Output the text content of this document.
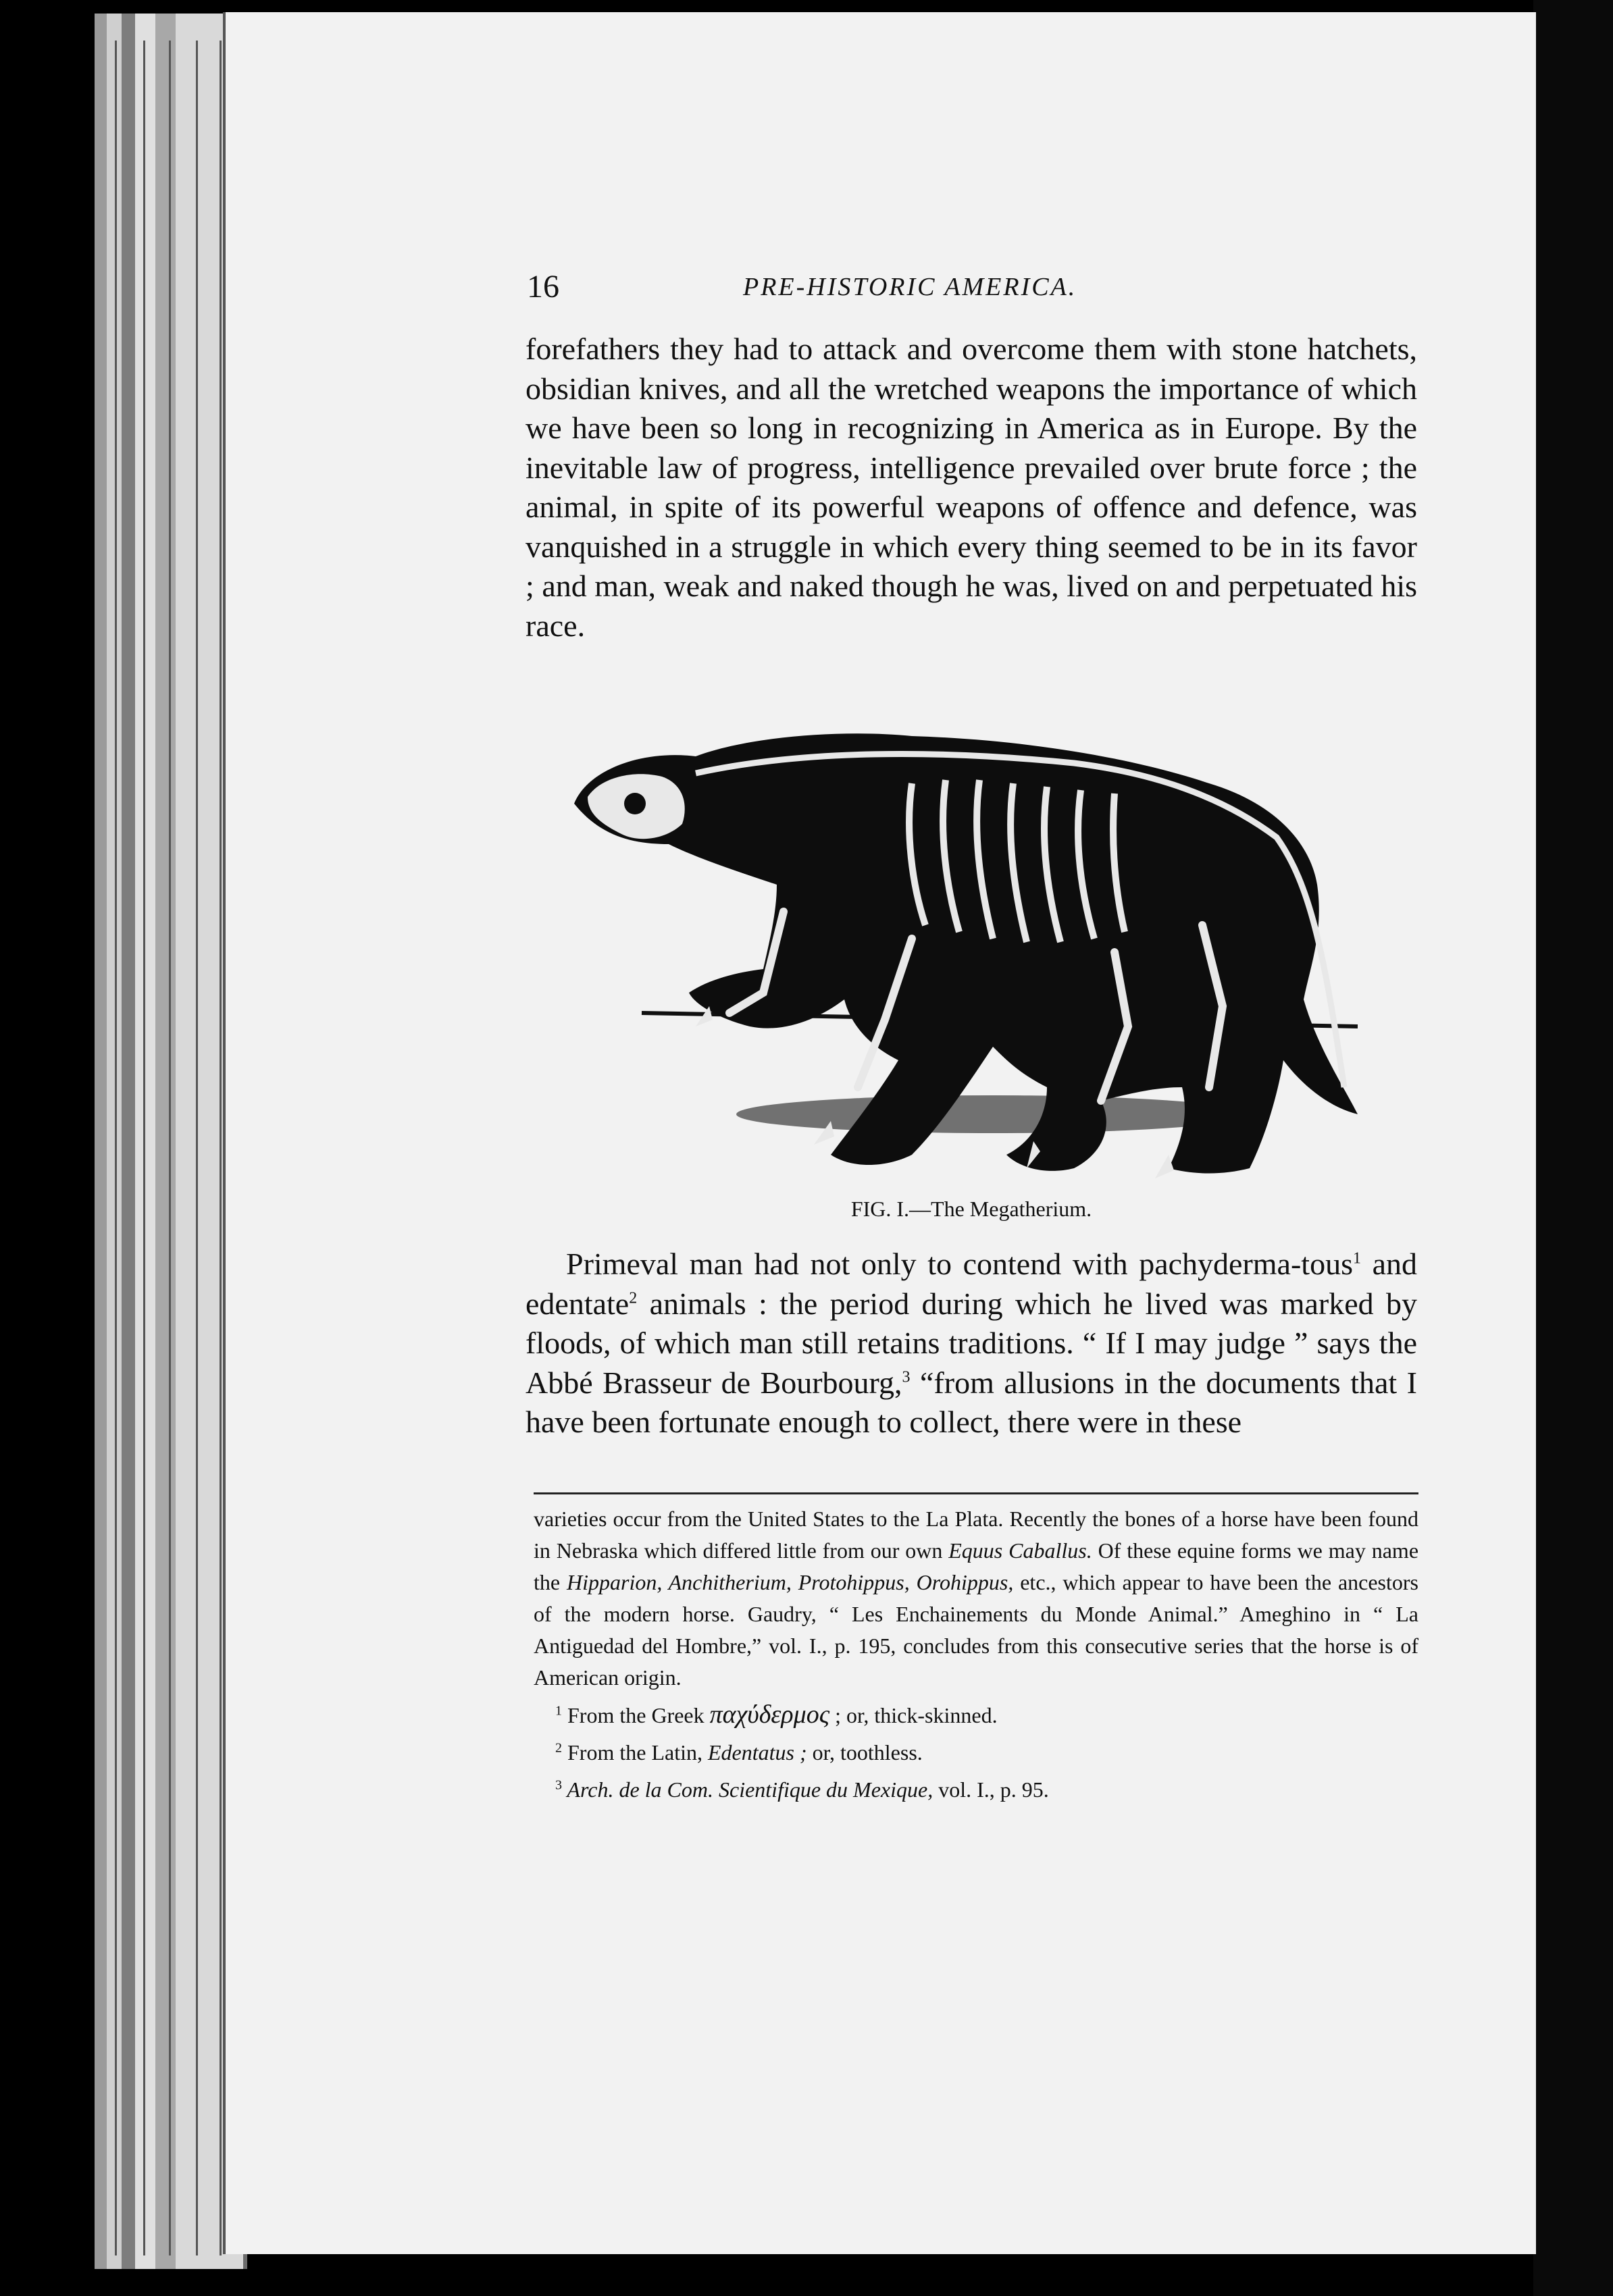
16	PRE-HISTORIC AMERICA.

forefathers they had to attack and overcome them with stone hatchets, obsidian knives, and all the wretched weapons the importance of which we have been so long in recognizing in America as in Europe. By the inevitable law of progress, intelligence prevailed over brute force ; the animal, in spite of its powerful weapons of offence and defence, was vanquished in a struggle in which every thing seemed to be in its favor ; and man, weak and naked though he was, lived on and perpetuated his race.

FIG. I.—The Megatherium.

Primeval man had not only to contend with pachyderma-tous$^1$ and edentate$^2$ animals : the period during which he lived was marked by floods, of which man still retains traditions. “ If I may judge ” says the Abbé Brasseur de Bourbourg,$^3$ “from allusions in the documents that I have been fortunate enough to collect, there were in these

varieties occur from the United States to the La Plata. Recently the bones of a horse have been found in Nebraska which differed little from our own Equus Caballus. Of these equine forms we may name the Hipparion, Anchitherium, Protohippus, Orohippus, etc., which appear to have been the ancestors of the modern horse. Gaudry, “ Les Enchainements du Monde Animal.” Ameghino in “ La Antiguedad del Hombre,” vol. I., p. 195, concludes from this consecutive series that the horse is of American origin.

$^1$ From the Greek παχύδερμος ; or, thick-skinned.

$^2$ From the Latin, Edentatus ; or, toothless.

$^3$ Arch. de la Com. Scientifique du Mexique, vol. I., p. 95.
